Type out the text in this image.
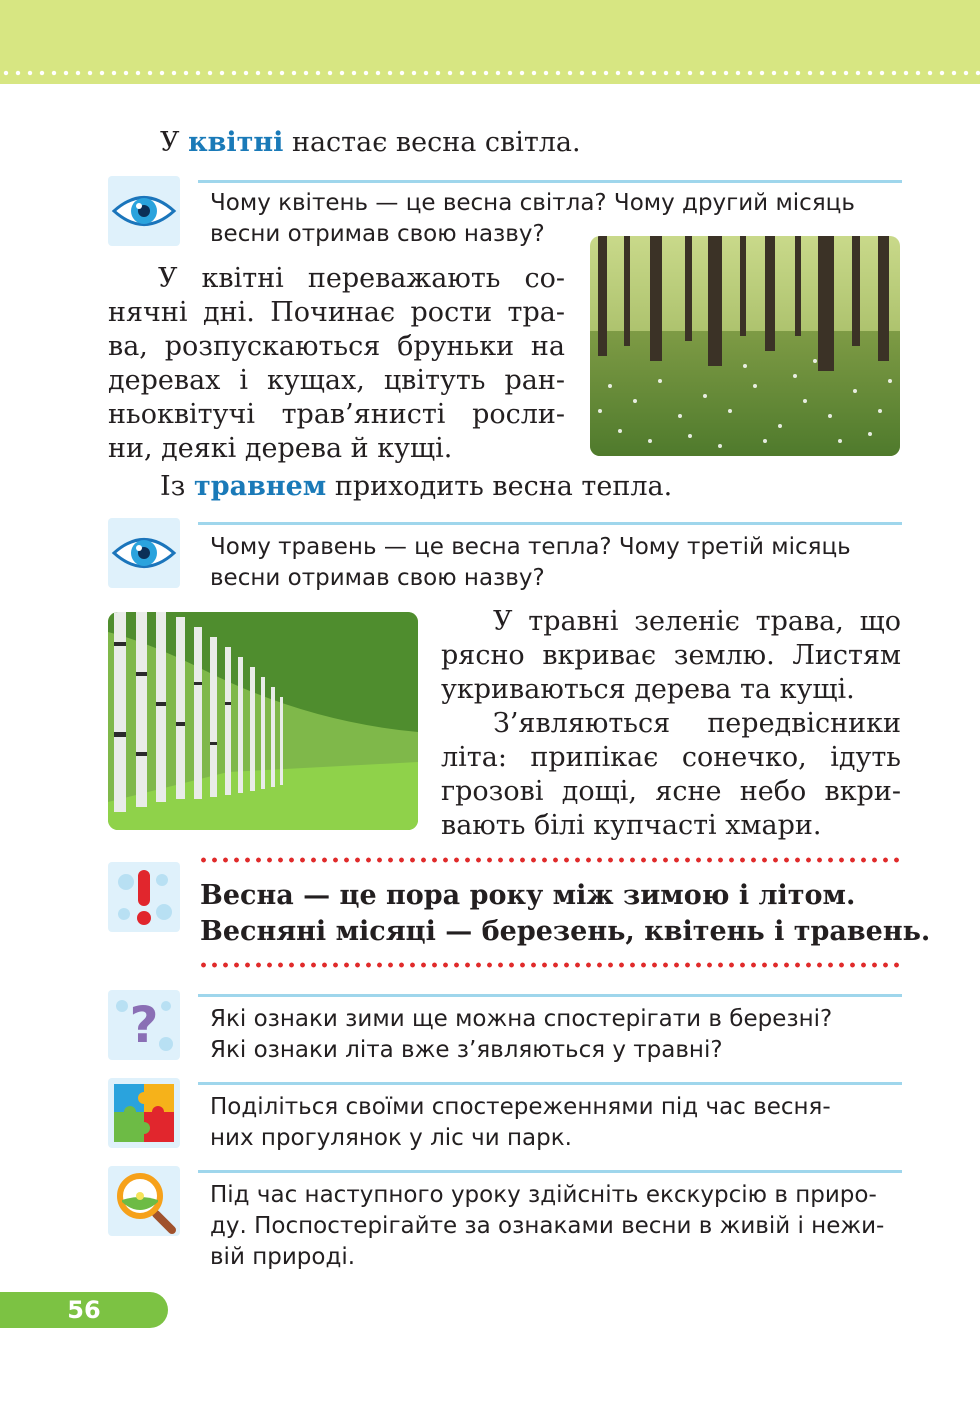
У квітні настає весна світла.
Чому квітень — це весна світла? Чому другий місяць
весни отримав свою назву?
У квітні переважають со-
нячні дні. Починає рости тра-
ва, розпускаються бруньки на
деревах і кущах, цвітуть ран-
ньоквітучі трав’янисті росли-
ни, деякі дерева й кущі.
Із травнем приходить весна тепла.
Чому травень — це весна тепла? Чому третій місяць
весни отримав свою назву?
У травні зеленіє трава, що
рясно вкриває землю. Листям
укриваються дерева та кущі.
З’являються передвісники
літа: припікає сонечко, ідуть
грозові дощі, ясне небо вкри-
вають білі купчасті хмари.
Весна — це пора року між зимою і літом.
Весняні місяці — березень, квітень і травень.
? Які ознаки зими ще можна спостерігати в березні?
Які ознаки літа вже з’являються у травні?
Поділіться своїми спостереженнями під час весня-
них прогулянок у ліс чи парк.
Під час наступного уроку здійсніть екскурсію в приро-
ду. Поспостерігайте за ознаками весни в живій і нежи-
вій природі.
56
